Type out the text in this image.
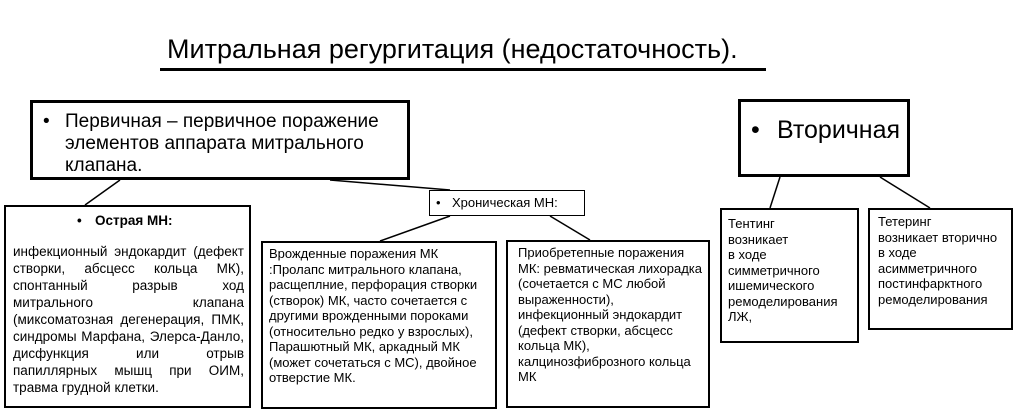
Митральная регургитация (недостаточность).
• Первичная – первичное поражение элементов аппарата митрального клапана.
• Вторичная
• Хроническая МН:
• Острая МН:
инфекционный эндокардит (дефект створки, абсцесс кольца МК), спонтанный разрыв ход митрального клапана (миксоматозная дегенерация, ПМК, синдромы Марфана, Элерса-Данло, дисфункция или отрыв папиллярных мышц при ОИМ, травма грудной клетки.
Врожденные поражения МК
:Пролапс митрального клапана, расщеплние, перфорация створки (створок) МК, часто сочетается с другими врожденными пороками (относительно редко у взрослых), Парашютный МК, аркадный МК (может сочетаться с МС), двойное отверстие МК.
Приобретепные поражения МК: ревматическая лихорадка (сочетается с МС любой выраженности), инфекционный эндокардит (дефект створки, абсцесс кольца МК), калцинозфиброзного кольца МК
Тентинг
возникает
в ходе
симметричного
ишемического
ремоделирования
ЛЖ,
Тетеринг
возникает вторично
в ходе
асимметричного
постинфарктного
ремоделирования
